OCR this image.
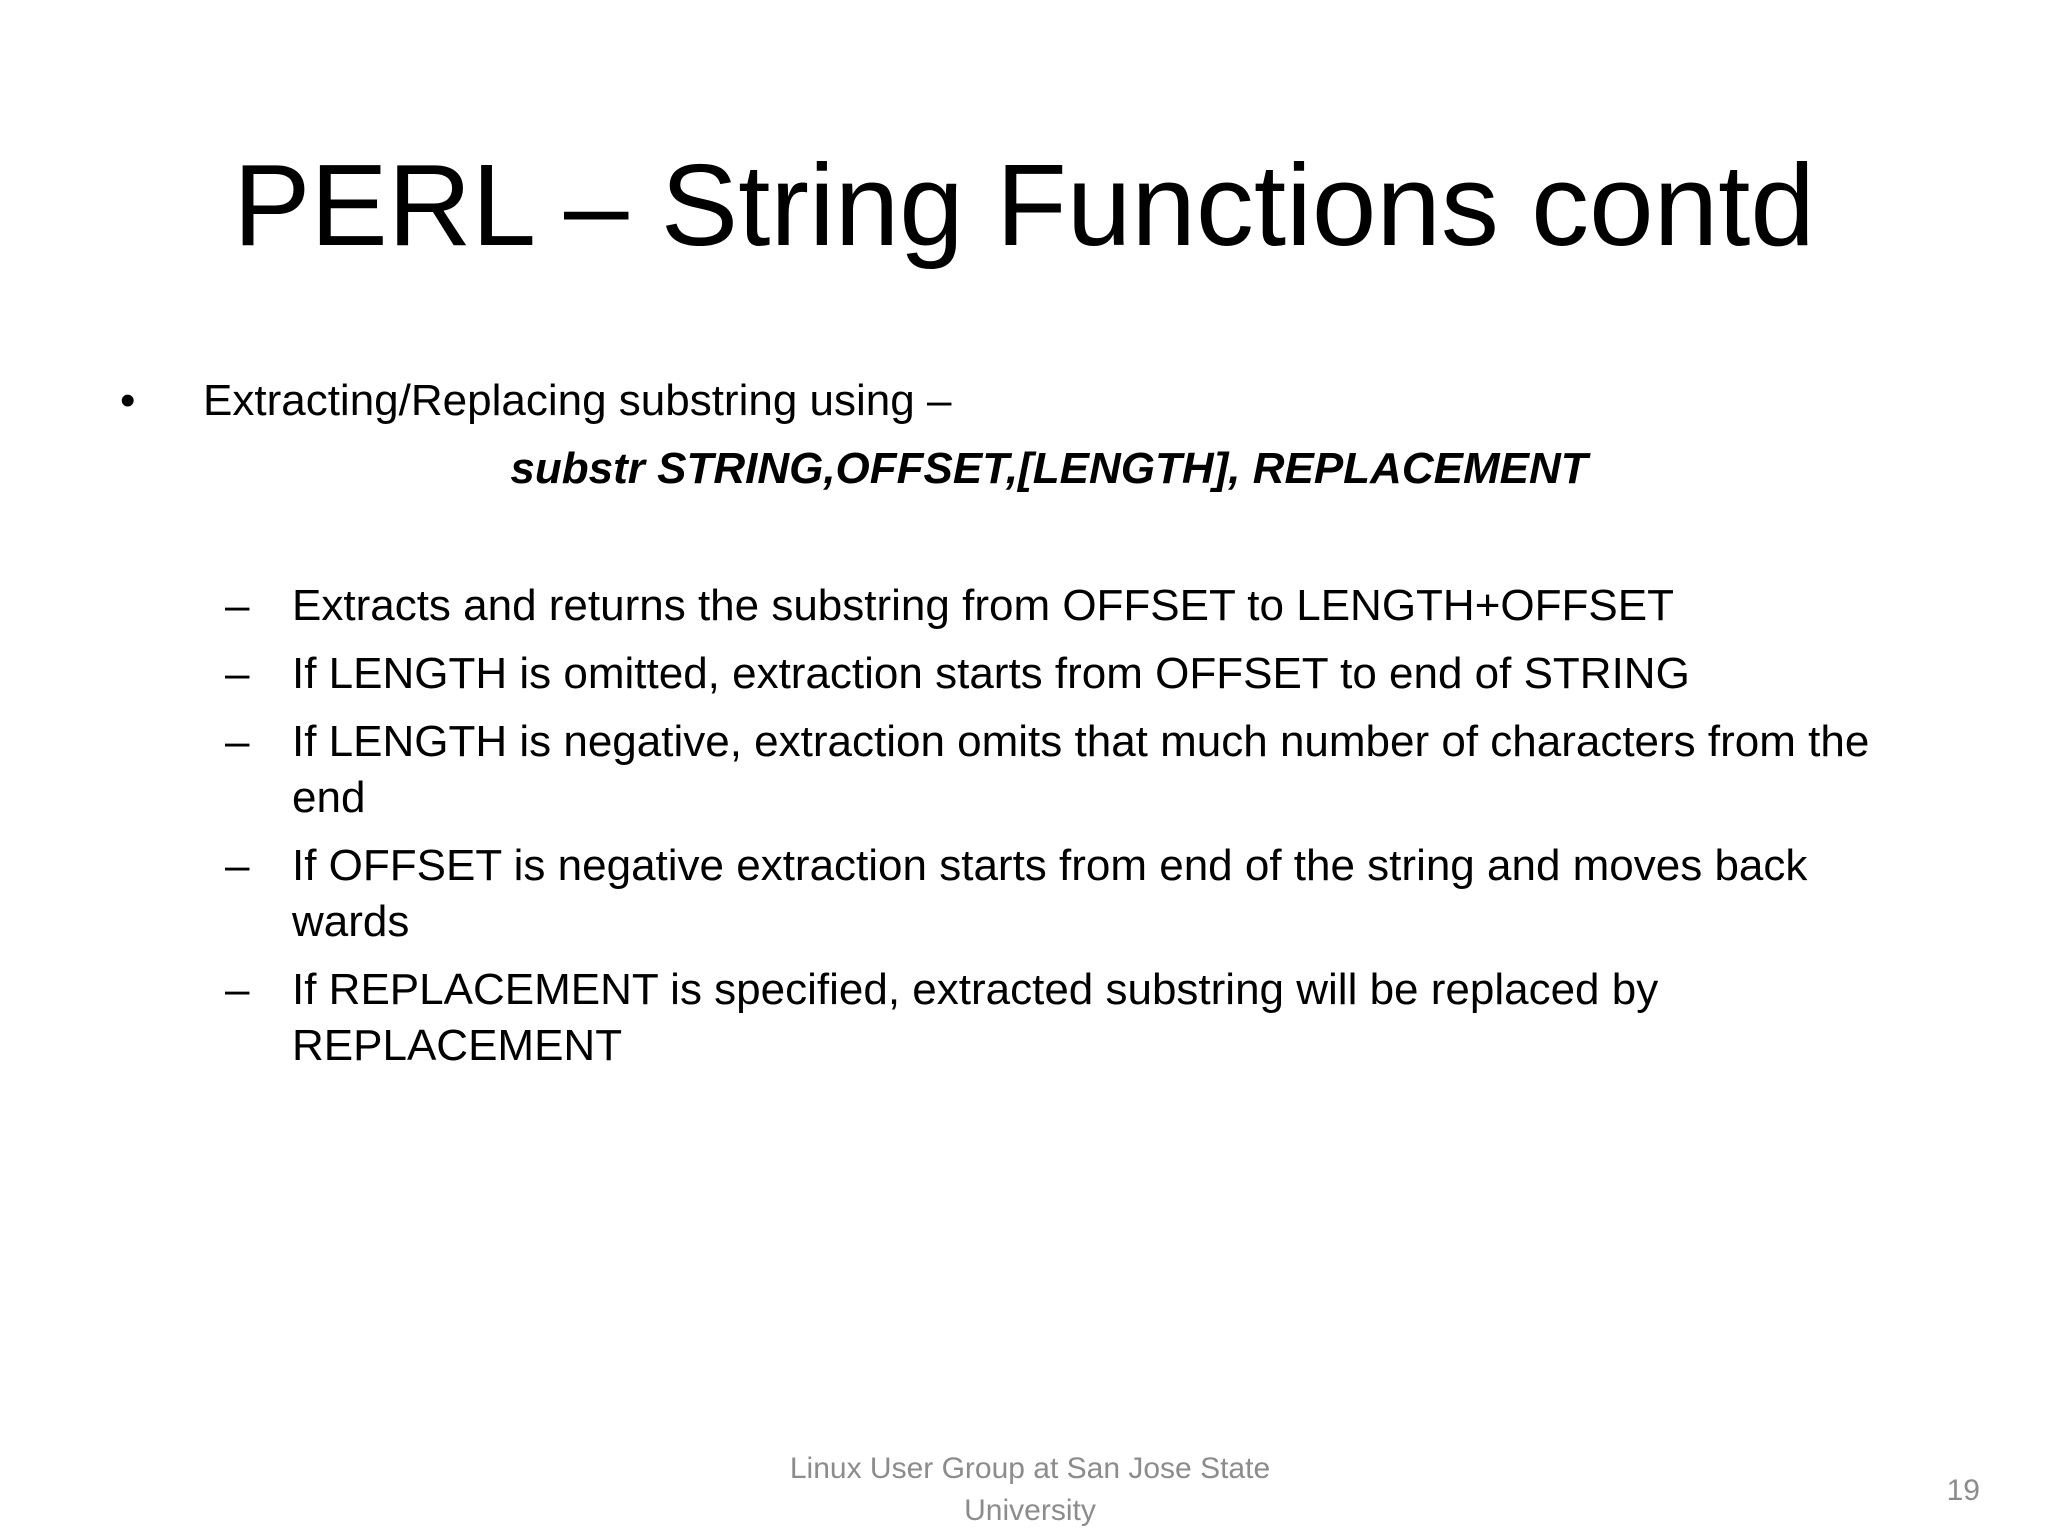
PERL – String Functions contd
•	Extracting/Replacing substring using –
substr STRING,OFFSET,[LENGTH], REPLACEMENT
– Extracts and returns the substring from OFFSET to LENGTH+OFFSET
– If LENGTH is omitted, extraction starts from OFFSET to end of STRING
– If LENGTH is negative, extraction omits that much number of characters from the end
– If OFFSET is negative extraction starts from end of the string and moves back wards
– If REPLACEMENT is specified, extracted substring will be replaced by REPLACEMENT
Linux User Group at San Jose State University
19
